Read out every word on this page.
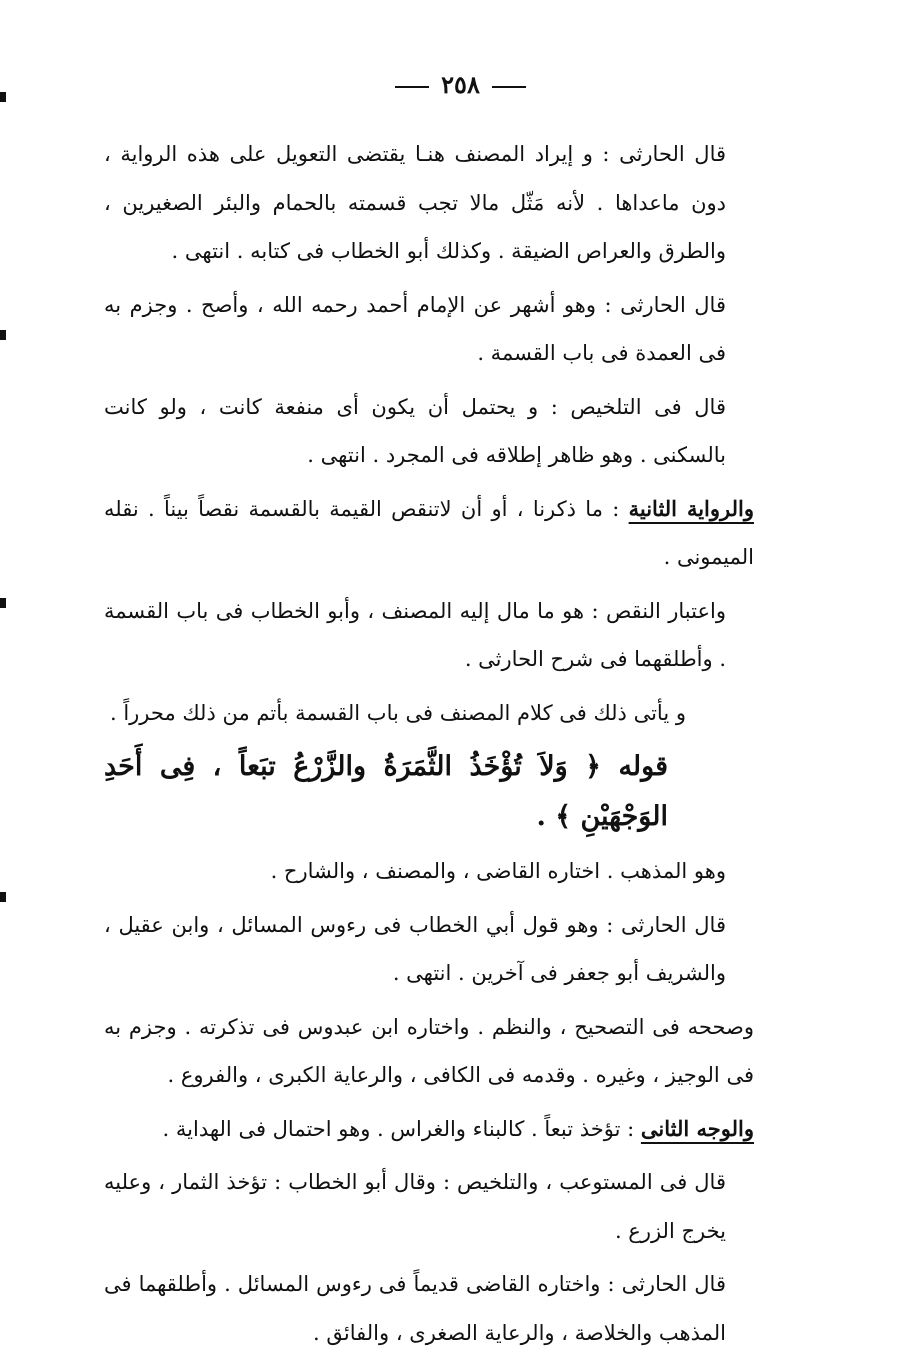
٢٥٨

قال الحارثى : و إيراد المصنف هنـا يقتضى التعويل على هذه الرواية ، دون ماعداها . لأنه مَثّل مالا تجب قسمته بالحمام والبئر الصغيرين ، والطرق والعراص الضيقة . وكذلك أبو الخطاب فى كتابه . انتهى .

قال الحارثى : وهو أشهر عن الإمام أحمد رحمه الله ، وأصح . وجزم به فى العمدة فى باب القسمة .

قال فى التلخيص : و يحتمل أن يكون أى منفعة كانت ، ولو كانت بالسكنى . وهو ظاهر إطلاقه فى المجرد . انتهى .

والرواية الثانية : ما ذكرنا ، أو أن لاتنقص القيمة بالقسمة نقصاً بيناً . نقله الميمونى .

واعتبار النقص : هو ما مال إليه المصنف ، وأبو الخطاب فى باب القسمة . وأطلقهما فى شرح الحارثى .

و يأتى ذلك فى كلام المصنف فى باب القسمة بأتم من ذلك محرراً .

قوله ﴿ وَلاَ تُؤْخَذُ الثَّمَرَةُ والزَّرْعُ تبَعاً ، فِى أَحَدِ الوَجْهَيْنِ ﴾ .

وهو المذهب . اختاره القاضى ، والمصنف ، والشارح .

قال الحارثى : وهو قول أبي الخطاب فى رءوس المسائل ، وابن عقيل ، والشريف أبو جعفر فى آخرين . انتهى .

وصححه فى التصحيح ، والنظم . واختاره ابن عبدوس فى تذكرته . وجزم به فى الوجيز ، وغيره . وقدمه فى الكافى ، والرعاية الكبرى ، والفروع .

والوجه الثانى : تؤخذ تبعاً . كالبناء والغراس . وهو احتمال فى الهداية .

قال فى المستوعب ، والتلخيص : وقال أبو الخطاب : تؤخذ الثمار ، وعليه يخرج الزرع .

قال الحارثى : واختاره القاضى قديماً فى رءوس المسائل . وأطلقهما فى المذهب والخلاصة ، والرعاية الصغرى ، والفائق .
